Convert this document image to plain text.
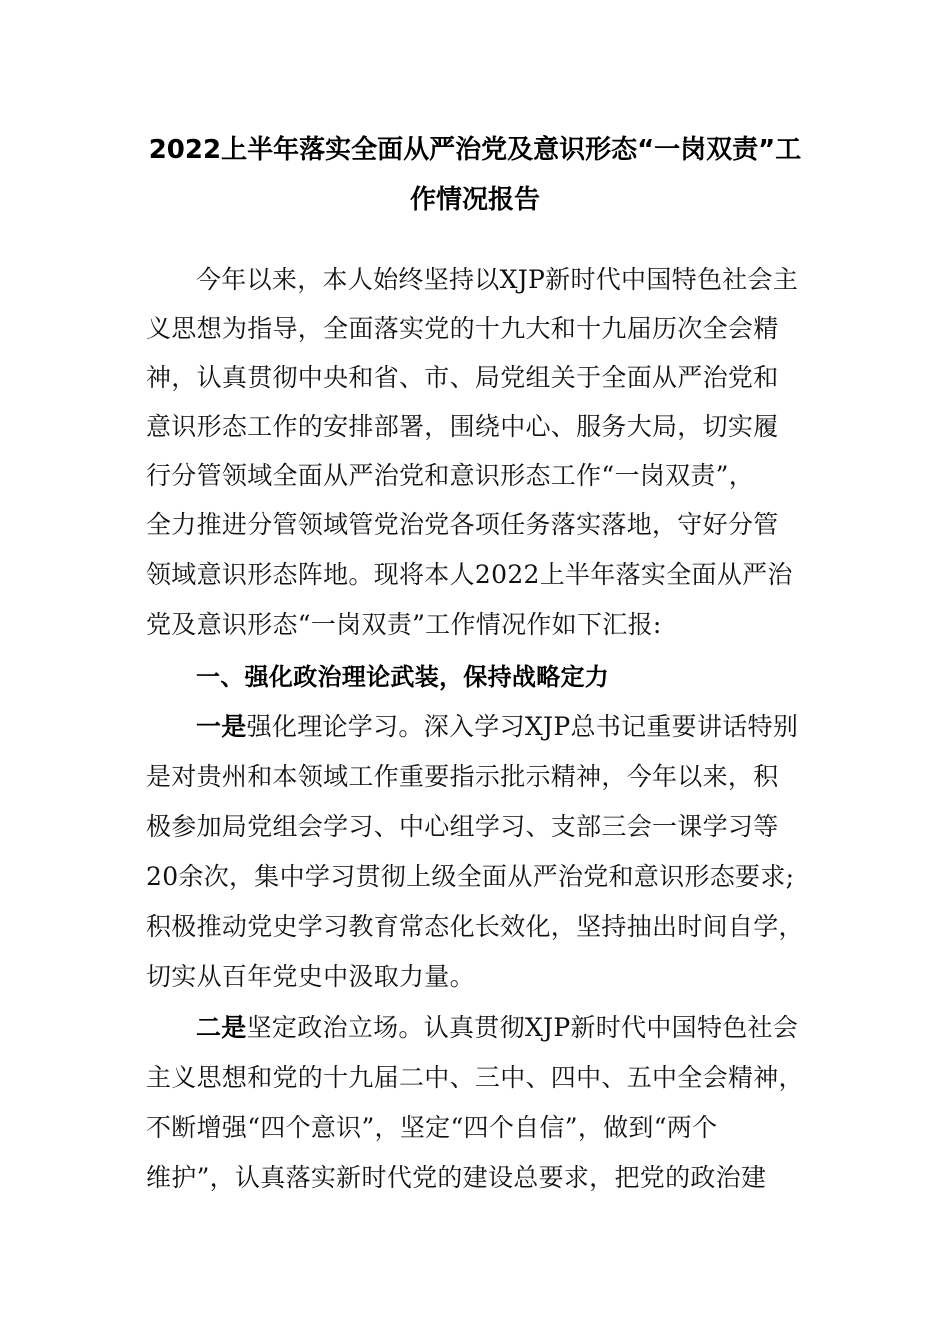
2022上半年落实全面从严治党及意识形态“一岗双责”工
作情况报告
今年以来，本人始终坚持以XJP新时代中国特色社会主
义思想为指导，全面落实党的十九大和十九届历次全会精
神，认真贯彻中央和省、市、局党组关于全面从严治党和
意识形态工作的安排部署，围绕中心、服务大局，切实履
行分管领域全面从严治党和意识形态工作“一岗双责”，
全力推进分管领域管党治党各项任务落实落地，守好分管
领域意识形态阵地。现将本人2022上半年落实全面从严治
党及意识形态“一岗双责”工作情况作如下汇报:
一、强化政治理论武装，保持战略定力
一是强化理论学习。深入学习XJP总书记重要讲话特别
是对贵州和本领域工作重要指示批示精神，今年以来，积
极参加局党组会学习、中心组学习、支部三会一课学习等
20余次，集中学习贯彻上级全面从严治党和意识形态要求;
积极推动党史学习教育常态化长效化，坚持抽出时间自学，
切实从百年党史中汲取力量。
二是坚定政治立场。认真贯彻XJP新时代中国特色社会
主义思想和党的十九届二中、三中、四中、五中全会精神，
不断增强“四个意识”，坚定“四个自信”，做到“两个
维护”，认真落实新时代党的建设总要求，把党的政治建
